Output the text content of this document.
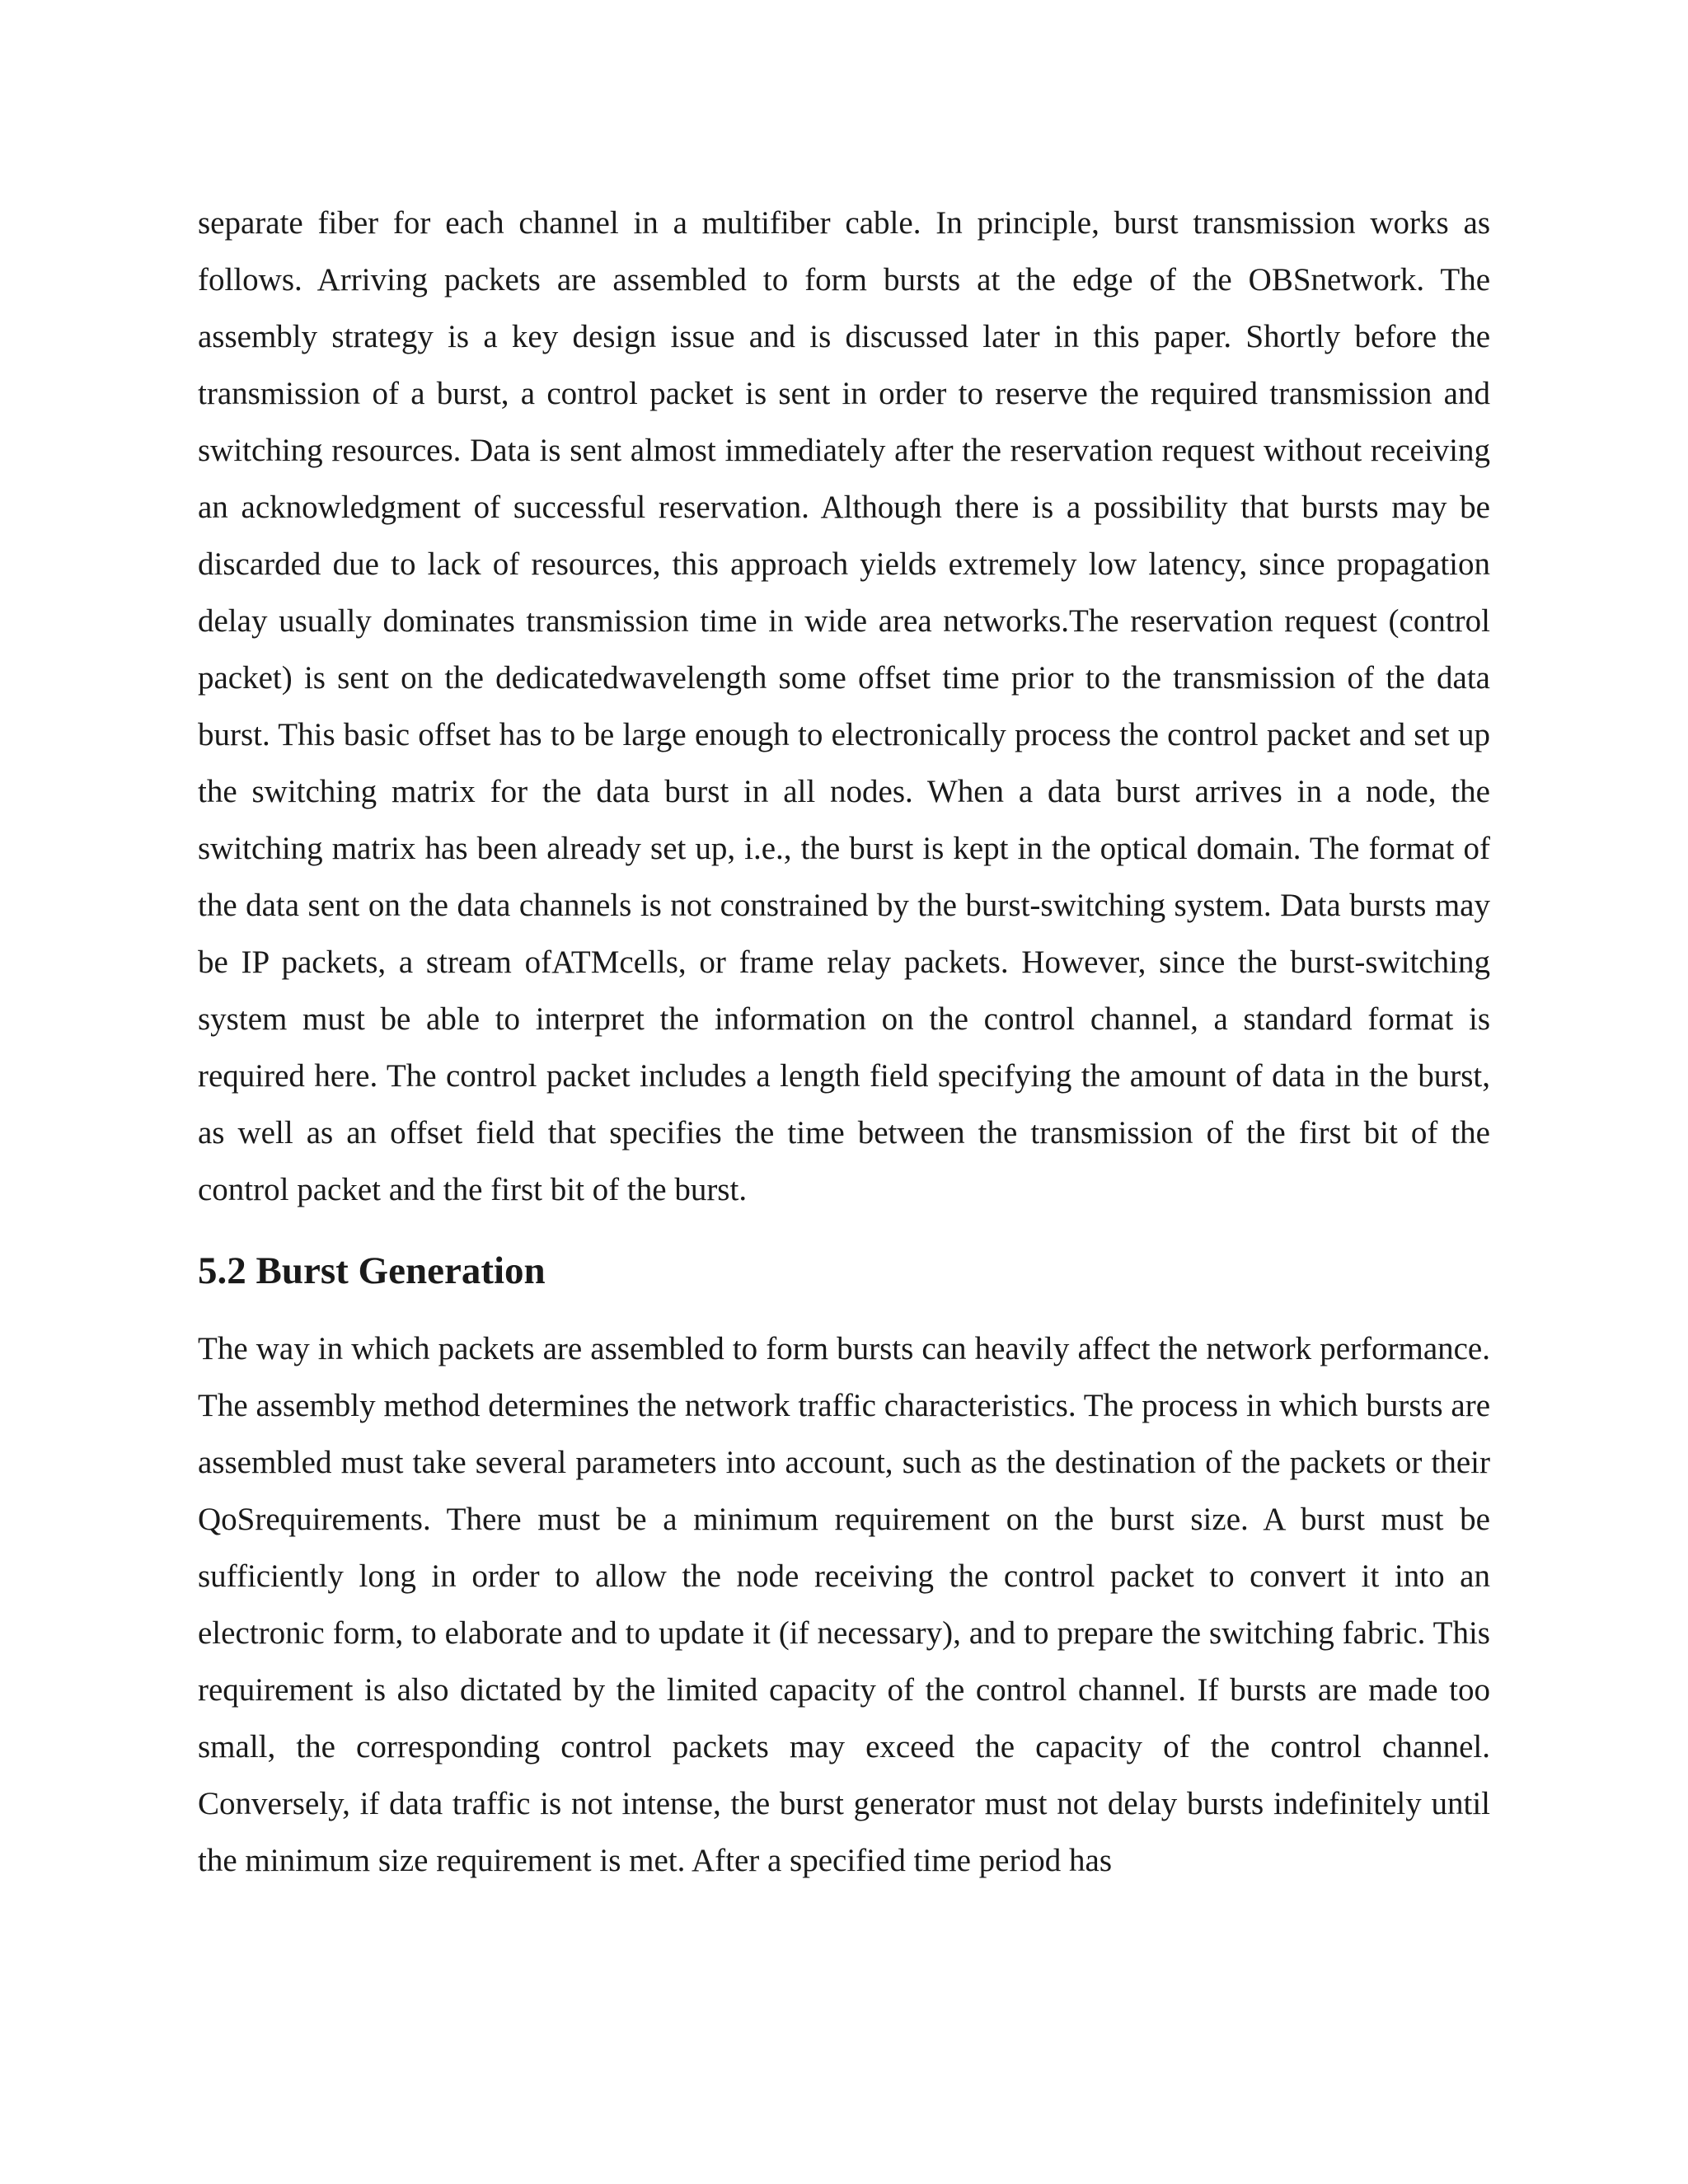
separate fiber for each channel in a multifiber cable. In principle, burst transmission works as follows. Arriving packets are assembled to form bursts at the edge of the OBSnetwork. The assembly strategy is a key design issue and is discussed later in this paper. Shortly before the transmission of a burst, a control packet is sent in order to reserve the required transmission and switching resources. Data is sent almost immediately after the reservation request without receiving an acknowledgment of successful reservation. Although there is a possibility that bursts may be discarded due to lack of resources, this approach yields extremely low latency, since propagation delay usually dominates transmission time in wide area networks.The reservation request (control packet) is sent on the dedicatedwavelength some offset time prior to the transmission of the data burst. This basic offset has to be large enough to electronically process the control packet and set up the switching matrix for the data burst in all nodes. When a data burst arrives in a node, the switching matrix has been already set up, i.e., the burst is kept in the optical domain. The format of the data sent on the data channels is not constrained by the burst-switching system. Data bursts may be IP packets, a stream ofATMcells, or frame relay packets. However, since the burst-switching system must be able to interpret the information on the control channel, a standard format is required here. The control packet includes a length field specifying the amount of data in the burst, as well as an offset field that specifies the time between the transmission of the first bit of the control packet and the first bit of the burst.

5.2 Burst Generation

The way in which packets are assembled to form bursts can heavily affect the network performance. The assembly method determines the network traffic characteristics. The process in which bursts are assembled must take several parameters into account, such as the destination of the packets or their QoSrequirements. There must be a minimum requirement on the burst size. A burst must be sufficiently long in order to allow the node receiving the control packet to convert it into an electronic form, to elaborate and to update it (if necessary), and to prepare the switching fabric. This requirement is also dictated by the limited capacity of the control channel. If bursts are made too small, the corresponding control packets may exceed the capacity of the control channel. Conversely, if data traffic is not intense, the burst generator must not delay bursts indefinitely until the minimum size requirement is met. After a specified time period has
